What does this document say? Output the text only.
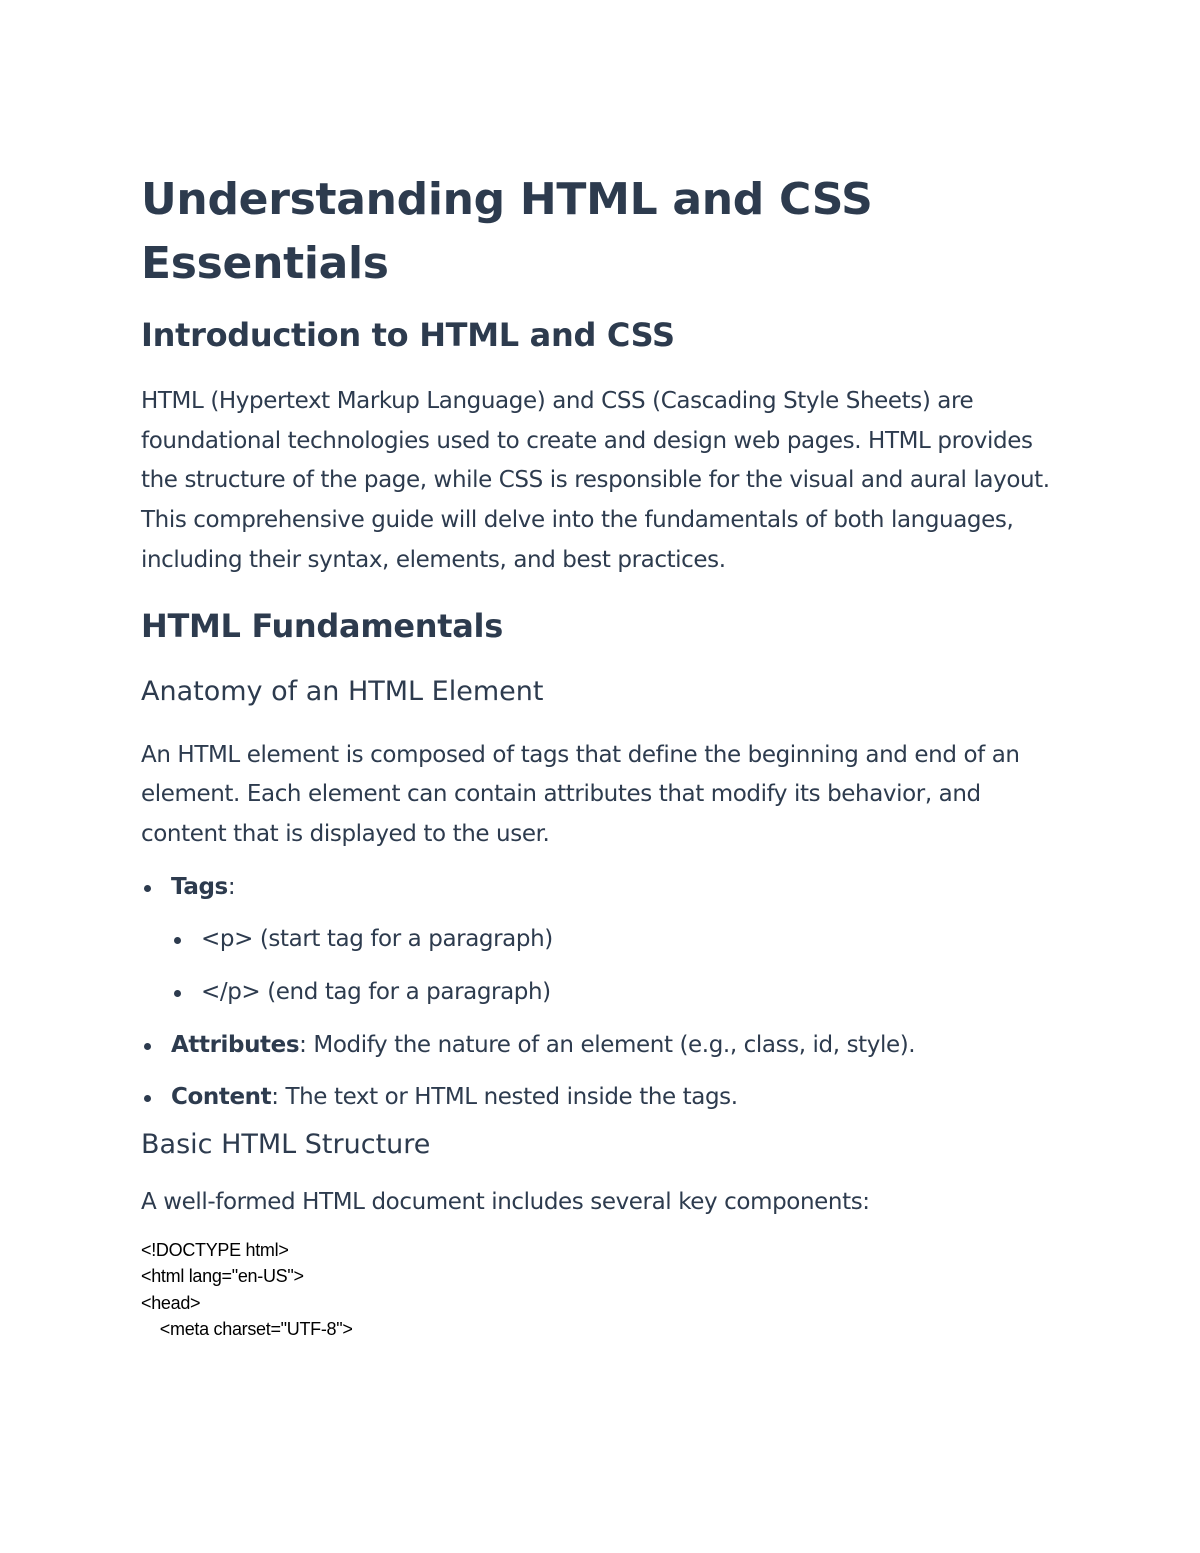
Understanding HTML and CSS Essentials
Introduction to HTML and CSS

HTML (Hypertext Markup Language) and CSS (Cascading Style Sheets) are foundational technologies used to create and design web pages. HTML provides the structure of the page, while CSS is responsible for the visual and aural layout. This comprehensive guide will delve into the fundamentals of both languages, including their syntax, elements, and best practices.

HTML Fundamentals
Anatomy of an HTML Element

An HTML element is composed of tags that define the beginning and end of an element. Each element can contain attributes that modify its behavior, and content that is displayed to the user.

Tags:
<p> (start tag for a paragraph)
</p> (end tag for a paragraph)
Attributes: Modify the nature of an element (e.g., class, id, style).
Content: The text or HTML nested inside the tags.
Basic HTML Structure

A well-formed HTML document includes several key components:

<!DOCTYPE html>
<html lang="en-US">
<head>
<meta charset="UTF-8">
